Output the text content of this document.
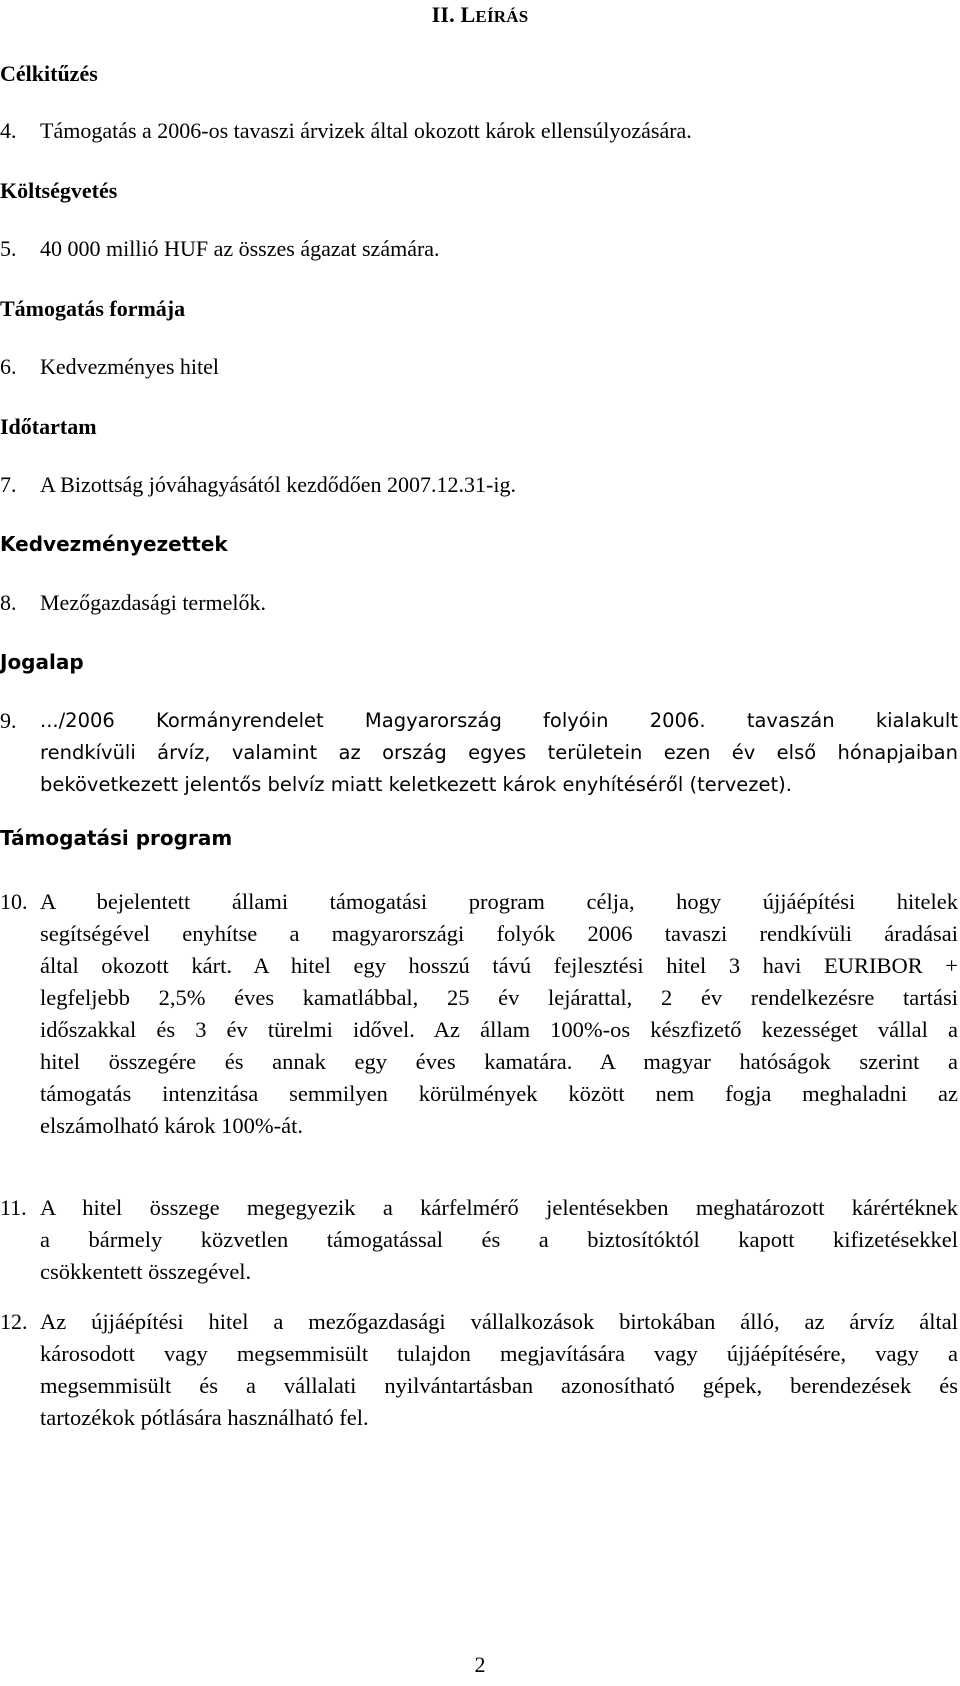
II. LEÍRÁS
Célkitűzés
4. Támogatás a 2006-os tavaszi árvizek által okozott károk ellensúlyozására.
Költségvetés
5. 40 000 millió HUF az összes ágazat számára.
Támogatás formája
6. Kedvezményes hitel
Időtartam
7. A Bizottság jóváhagyásától kezdődően 2007.12.31-ig.
Kedvezményezettek
8. Mezőgazdasági termelők.
Jogalap
9. .../2006 Kormányrendelet Magyarország folyóin 2006. tavaszán kialakult
rendkívüli árvíz, valamint az ország egyes területein ezen év első hónapjaiban
bekövetkezett jelentős belvíz miatt keletkezett károk enyhítéséről (tervezet).
Támogatási program
10. A bejelentett állami támogatási program célja, hogy újjáépítési hitelek
segítségével enyhítse a magyarországi folyók 2006 tavaszi rendkívüli áradásai
által okozott kárt. A hitel egy hosszú távú fejlesztési hitel 3 havi EURIBOR +
legfeljebb 2,5% éves kamatlábbal, 25 év lejárattal, 2 év rendelkezésre tartási
időszakkal és 3 év türelmi idővel. Az állam 100%-os készfizető kezességet vállal a
hitel összegére és annak egy éves kamatára. A magyar hatóságok szerint a
támogatás intenzitása semmilyen körülmények között nem fogja meghaladni az
elszámolható károk 100%-át.
11. A hitel összege megegyezik a kárfelmérő jelentésekben meghatározott kárértéknek
a bármely közvetlen támogatással és a biztosítóktól kapott kifizetésekkel
csökkentett összegével.
12. Az újjáépítési hitel a mezőgazdasági vállalkozások birtokában álló, az árvíz által
károsodott vagy megsemmisült tulajdon megjavítására vagy újjáépítésére, vagy a
megsemmisült és a vállalati nyilvántartásban azonosítható gépek, berendezések és
tartozékok pótlására használható fel.
2
